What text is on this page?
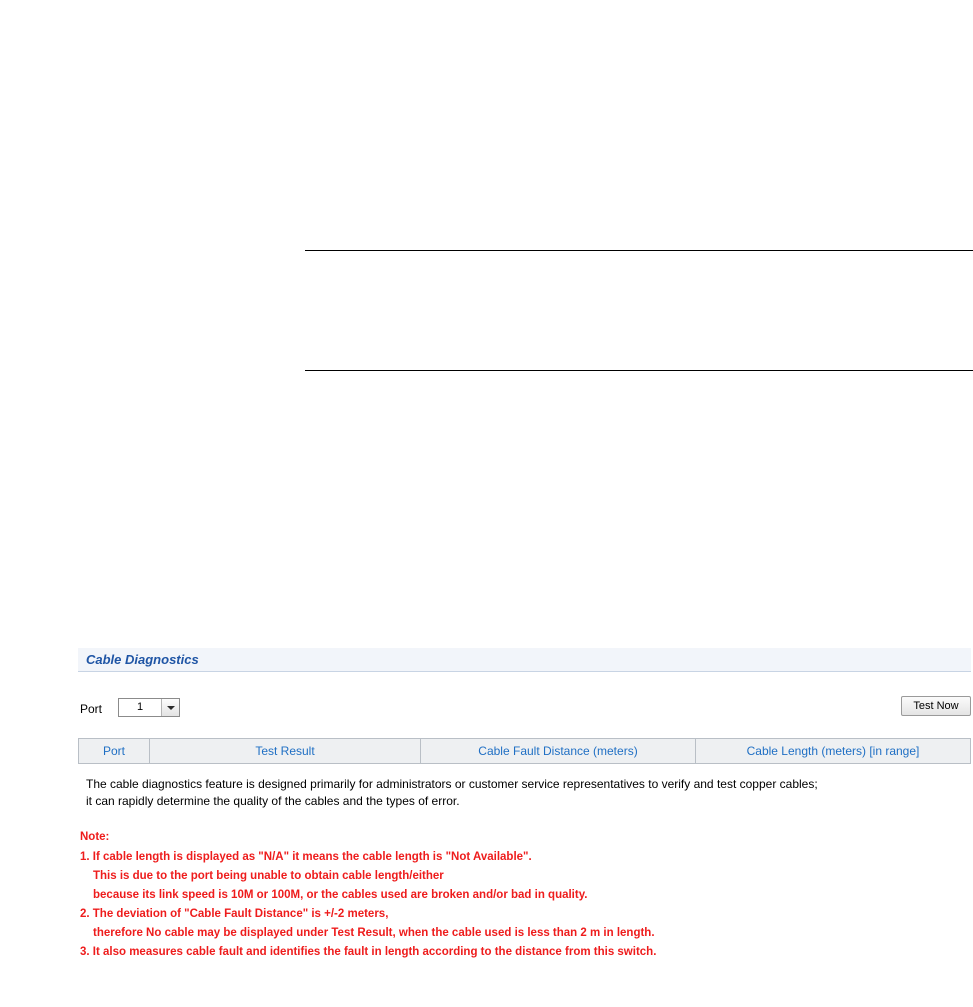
Cable Diagnostics
Port	1	Test Now
Port	Test Result	Cable Fault Distance (meters)	Cable Length (meters) [in range]
The cable diagnostics feature is designed primarily for administrators or customer service representatives to verify and test copper cables;
it can rapidly determine the quality of the cables and the types of error.
Note:
1. If cable length is displayed as "N/A" it means the cable length is "Not Available".
This is due to the port being unable to obtain cable length/either
because its link speed is 10M or 100M, or the cables used are broken and/or bad in quality.
2. The deviation of "Cable Fault Distance" is +/-2 meters,
therefore No cable may be displayed under Test Result, when the cable used is less than 2 m in length.
3. It also measures cable fault and identifies the fault in length according to the distance from this switch.
